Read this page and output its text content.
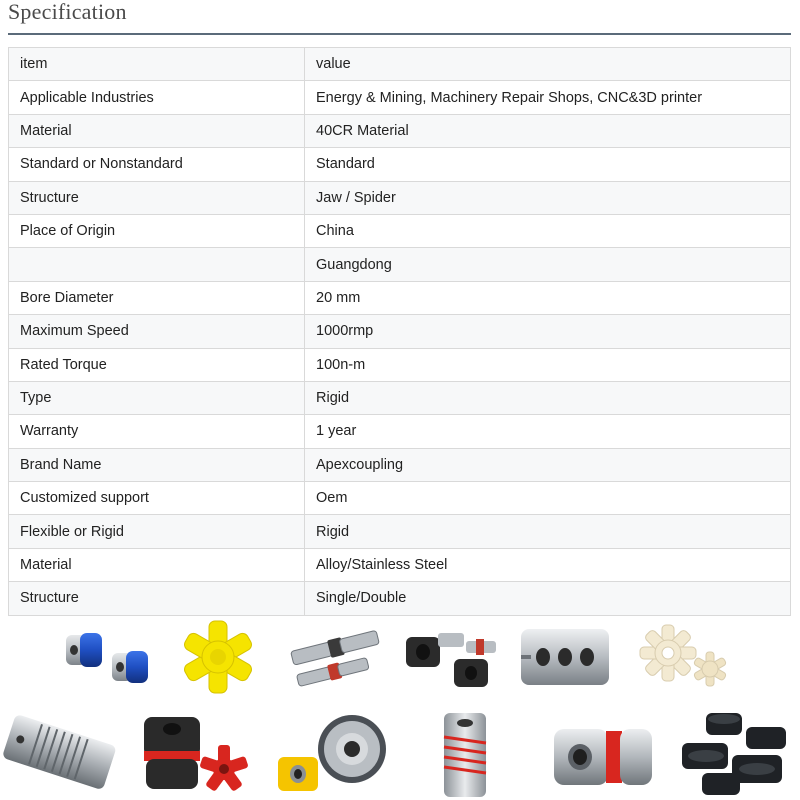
Specification
item	value
Applicable Industries	Energy & Mining, Machinery Repair Shops, CNC&3D printer
Material	40CR Material
Standard or Nonstandard	Standard
Structure	Jaw / Spider
Place of Origin	China
	Guangdong
Bore Diameter	20 mm
Maximum Speed	1000rmp
Rated Torque	100n-m
Type	Rigid
Warranty	1 year
Brand Name	Apexcoupling
Customized support	Oem
Flexible or Rigid	Rigid
Material	Alloy/Stainless Steel
Structure	Single/Double
